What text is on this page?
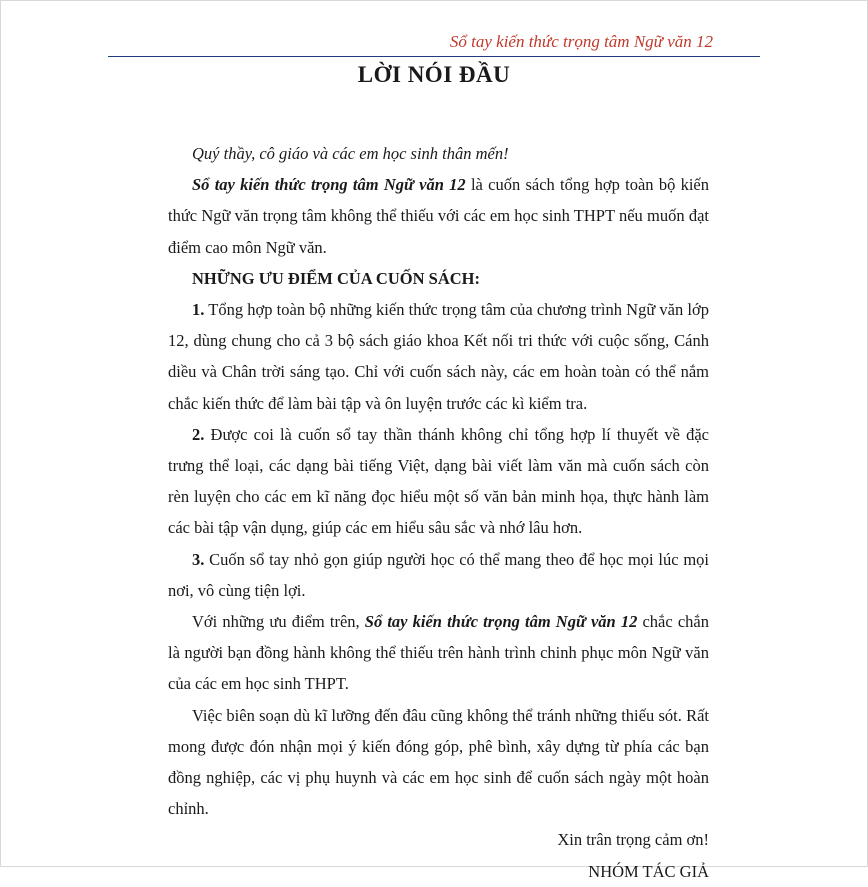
Sổ tay kiến thức trọng tâm Ngữ văn 12
LỜI NÓI ĐẦU

Quý thầy, cô giáo và các em học sinh thân mến!

Sổ tay kiến thức trọng tâm Ngữ văn 12 là cuốn sách tổng hợp toàn bộ kiến thức Ngữ văn trọng tâm không thể thiếu với các em học sinh THPT nếu muốn đạt điểm cao môn Ngữ văn.

NHỮNG ƯU ĐIỂM CỦA CUỐN SÁCH:

1. Tổng hợp toàn bộ những kiến thức trọng tâm của chương trình Ngữ văn lớp 12, dùng chung cho cả 3 bộ sách giáo khoa Kết nối tri thức với cuộc sống, Cánh diều và Chân trời sáng tạo. Chỉ với cuốn sách này, các em hoàn toàn có thể nắm chắc kiến thức để làm bài tập và ôn luyện trước các kì kiểm tra.

2. Được coi là cuốn sổ tay thần thánh không chỉ tổng hợp lí thuyết về đặc trưng thể loại, các dạng bài tiếng Việt, dạng bài viết làm văn mà cuốn sách còn rèn luyện cho các em kĩ năng đọc hiểu một số văn bản minh họa, thực hành làm các bài tập vận dụng, giúp các em hiểu sâu sắc và nhớ lâu hơn.

3. Cuốn sổ tay nhỏ gọn giúp người học có thể mang theo để học mọi lúc mọi nơi, vô cùng tiện lợi.

Với những ưu điểm trên, Sổ tay kiến thức trọng tâm Ngữ văn 12 chắc chắn là người bạn đồng hành không thể thiếu trên hành trình chinh phục môn Ngữ văn của các em học sinh THPT.

Việc biên soạn dù kĩ lưỡng đến đâu cũng không thể tránh những thiếu sót. Rất mong được đón nhận mọi ý kiến đóng góp, phê bình, xây dựng từ phía các bạn đồng nghiệp, các vị phụ huynh và các em học sinh để cuốn sách ngày một hoàn chỉnh.

Xin trân trọng cảm ơn!

NHÓM TÁC GIẢ
